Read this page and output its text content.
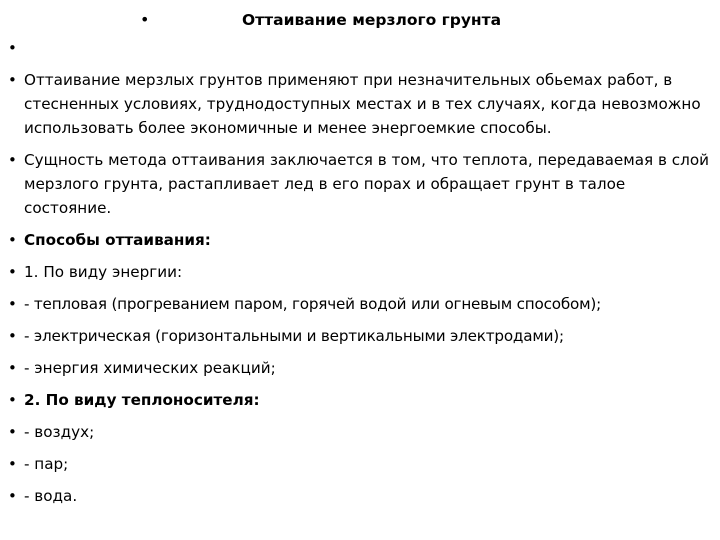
•	Оттаивание мерзлого грунта
•
• Оттаивание мерзлых грунтов применяют при незначительных обьемах работ, в стесненных условиях, труднодоступных местах и в тех случаях, когда невозможно использовать более экономичные и менее энергоемкие способы.
• Сущность метода оттаивания заключается в том, что теплота, передаваемая в слой мерзлого грунта, растапливает лед в его порах и обращает грунт в талое состояние.
• Способы оттаивания:
• 1. По виду энергии:
• - тепловая (прогреванием паром, горячей водой или огневым способом);
• - электрическая (горизонтальными и вертикальными электродами);
• - энергия химических реакций;
• 2. По виду теплоносителя:
• - воздух;
• - пар;
• - вода.
